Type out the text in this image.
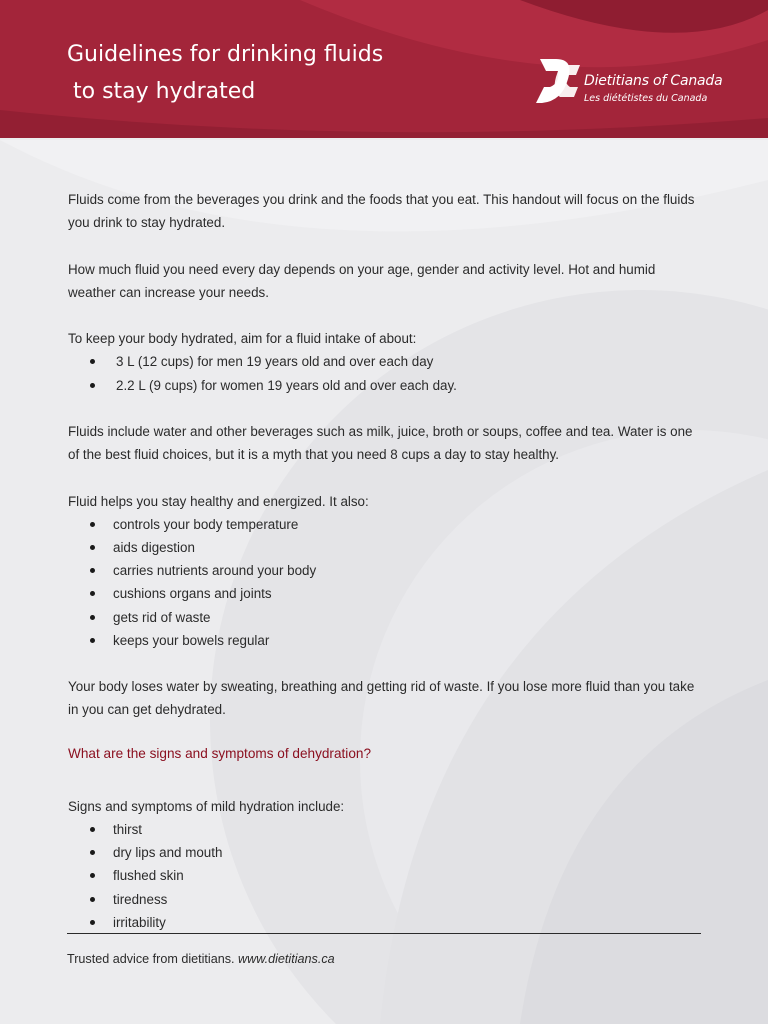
Guidelines for drinking fluids
to stay hydrated	Dietitians of Canada
Les diététistes du Canada

Fluids come from the beverages you drink and the foods that you eat. This handout will focus on the fluids you drink to stay hydrated.

How much fluid you need every day depends on your age, gender and activity level. Hot and humid weather can increase your needs.

To keep your body hydrated, aim for a fluid intake of about:

3 L (12 cups) for men 19 years old and over each day
2.2 L (9 cups) for women 19 years old and over each day.

Fluids include water and other beverages such as milk, juice, broth or soups, coffee and tea. Water is one of the best fluid choices, but it is a myth that you need 8 cups a day to stay healthy.

Fluid helps you stay healthy and energized. It also:

controls your body temperature
aids digestion
carries nutrients around your body
cushions organs and joints
gets rid of waste
keeps your bowels regular

Your body loses water by sweating, breathing and getting rid of waste. If you lose more fluid than you take in you can get dehydrated.

What are the signs and symptoms of dehydration?

Signs and symptoms of mild hydration include:

thirst
dry lips and mouth
flushed skin
tiredness
irritability
Trusted advice from dietitians. www.dietitians.ca
